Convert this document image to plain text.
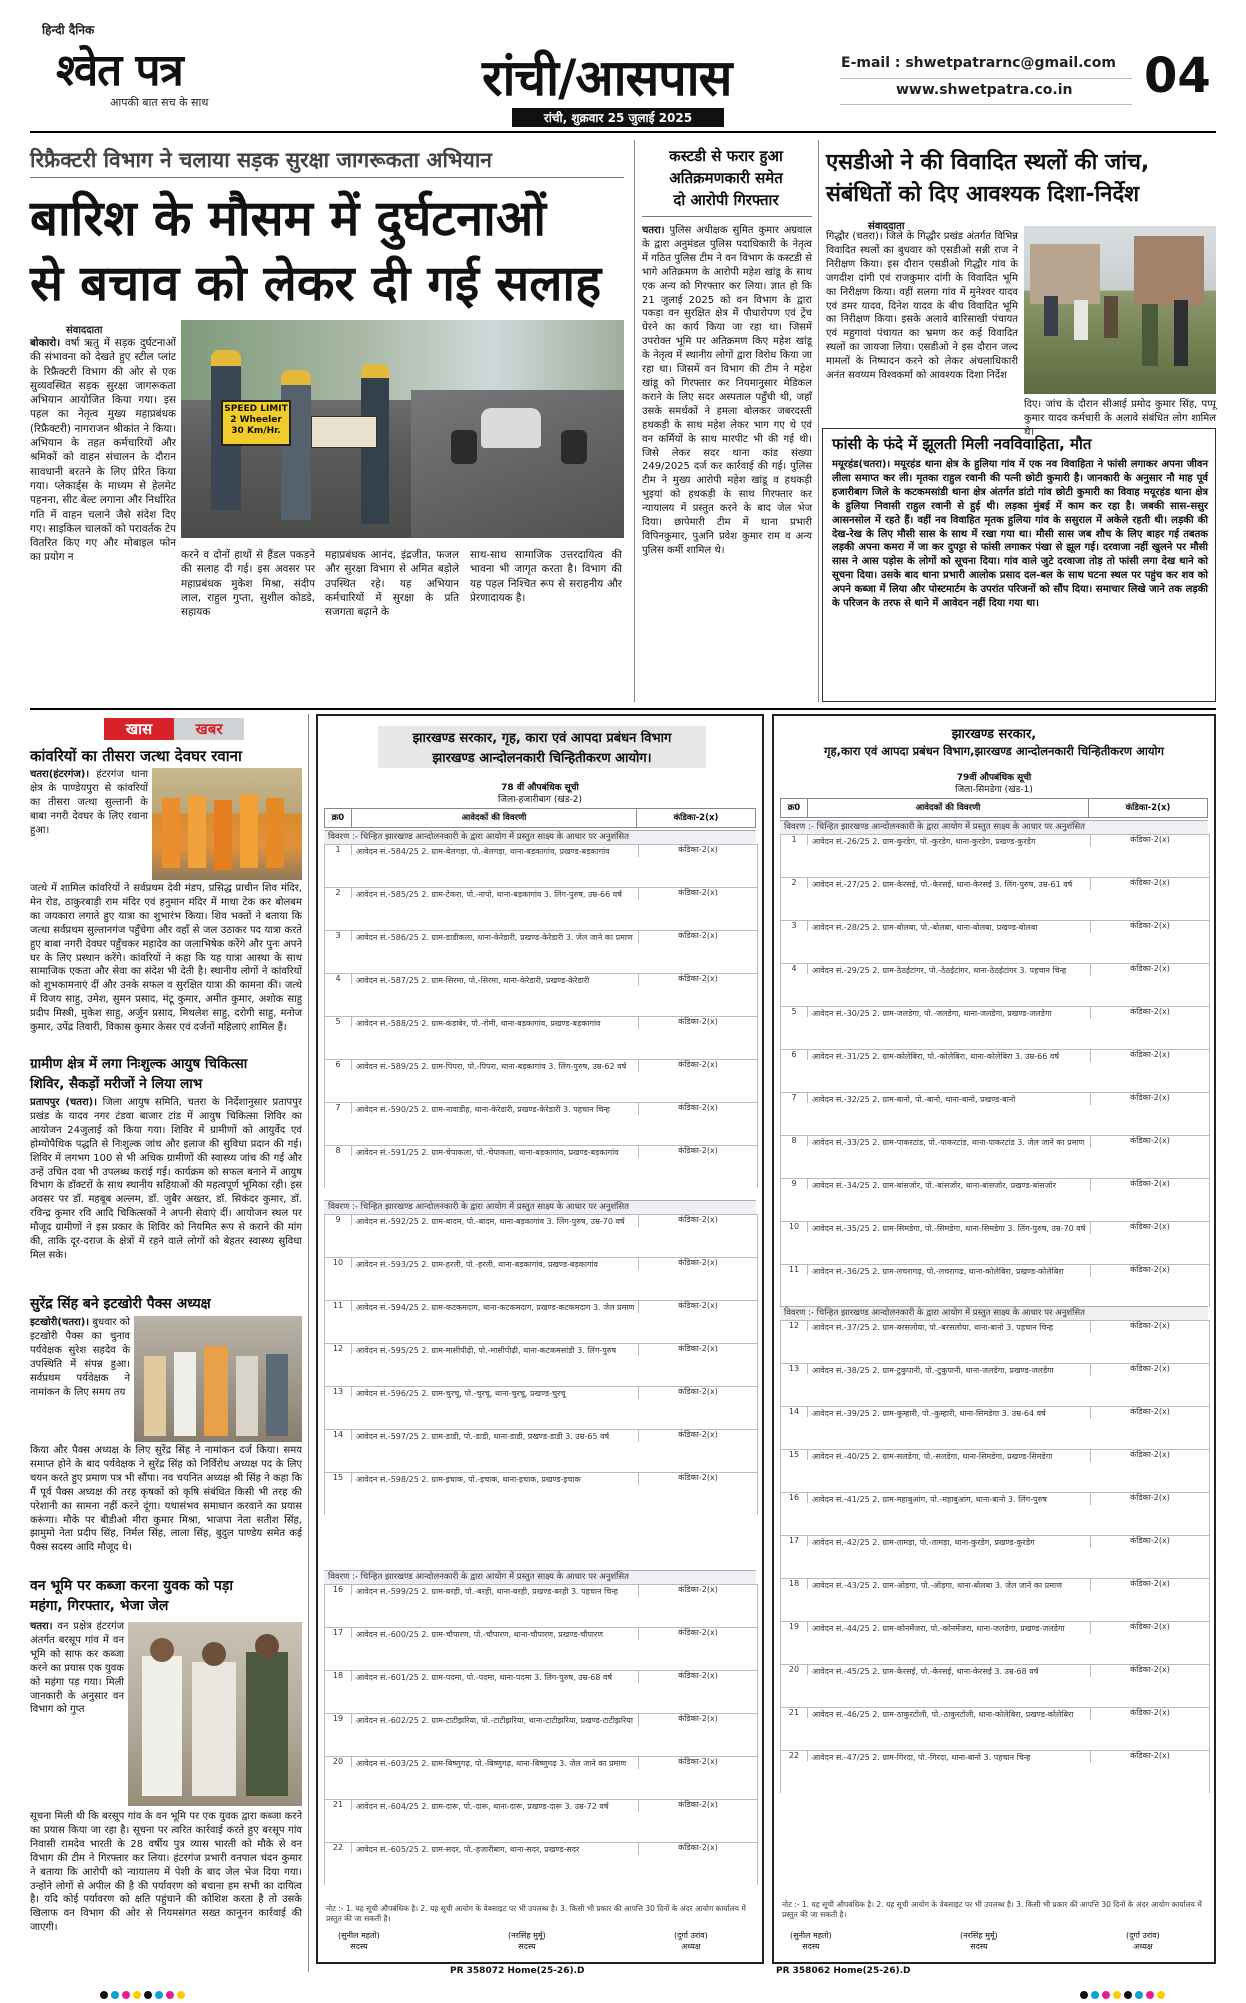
हिन्दी दैनिक
श्वेत पत्र
आपकी बात सच के साथ	रांची/आसपास
रांची, शुक्रवार 25 जुलाई 2025
E-mail : shwetpatrarnc@gmail.com
www.shwetpatra.co.in 04
रिफ्रैक्टरी विभाग ने चलाया सड़क सुरक्षा जागरूकता अभियान
बारिश के मौसम में दुर्घटनाओं
से बचाव को लेकर दी गई सलाह
SPEED LIMIT 2 Wheeler 30 Km/Hr.
संवाददाता
बोकारो। वर्षा ऋतु में सड़क दुर्घटनाओं की संभावना को देखते हुए स्टील प्लांट के रिफ्रैक्टरी विभाग की ओर से एक सुव्यवस्थित सड़क सुरक्षा जागरूकता अभियान आयोजित किया गया। इस पहल का नेतृत्व मुख्य महाप्रबंधक (रिफ्रैक्टरी) नागराजन श्रीकांत ने किया। अभियान के तहत कर्मचारियों और श्रमिकों को वाहन संचालन के दौरान सावधानी बरतने के लिए प्रेरित किया गया। प्लेकार्ड्स के माध्यम से हेलमेट पहनना, सीट बेल्ट लगाना और निर्धारित गति में वाहन चलाने जैसे संदेश दिए गए। साइकिल चालकों को परावर्तक टेप वितरित किए गए और मोबाइल फोन का प्रयोग न	करने व दोनों हाथों से हैंडल पकड़ने की सलाह दी गई। इस अवसर पर महाप्रबंधक मुकेश मिश्रा, संदीप लाल, राहुल गुप्ता, सुशील कोडडे, सहायक
महाप्रबंधक आनंद, इंद्रजीत, फजल और सुरक्षा विभाग से अमित बड़ोले उपस्थित रहे। यह अभियान कर्मचारियों में सुरक्षा के प्रति सजगता बढ़ाने के
साथ-साथ सामाजिक उत्तरदायित्व की भावना भी जागृत करता है। विभाग की यह पहल निश्चित रूप से सराहनीय और प्रेरणादायक है।
कस्टडी से फरार हुआ
अतिक्रमणकारी समेत
दो आरोपी गिरफ्तार
चतरा। पुलिस अधीक्षक सुमित कुमार अग्रवाल के द्वारा अनुमंडल पुलिस पदाधिकारी के नेतृत्व में गठित पुलिस टीम ने वन विभाग के कस्टडी से भागे अतिक्रमण के आरोपी महेश खांडू के साथ एक अन्य को गिरफ्तार कर लिया। ज्ञात हो कि 21 जुलाई 2025 को वन विभाग के द्वारा पकड़ा वन सुरक्षित क्षेत्र में पौधारोपण एवं ट्रेंच घेरने का कार्य किया जा रहा था। जिसमें उपरोक्त भूमि पर अतिक्रमण किए महेश खांडू के नेतृत्व में स्थानीय लोगों द्वारा विरोध किया जा रहा था। जिसमें वन विभाग की टीम ने महेश खांडू को गिरफ्तार कर नियमानुसार मेडिकल कराने के लिए सदर अस्पताल पहुँची थी, जहाँ उसके समर्थकों ने हमला बोलकर जबरदस्ती हथकड़ी के साथ महेश लेकर भाग गए थे एवं वन कर्मियों के साथ मारपीट भी की गई थी। जिसे लेकर सदर थाना कांड संख्या 249/2025 दर्ज कर कार्रवाई की गई। पुलिस टीम ने मुख्य आरोपी महेश खांडू व हथकड़ी भुइयां को हथकड़ी के साथ गिरफ्तार कर न्यायालय में प्रस्तुत करने के बाद जेल भेज दिया। छापेमारी टीम में थाना प्रभारी विपिनकुमार, पुअनि प्रवेश कुमार राम व अन्य पुलिस कर्मी शामिल थे।
एसडीओ ने की विवादित स्थलों की जांच,
संबंधितों को दिए आवश्यक दिशा-निर्देश
संवाददाता
गिद्धौर (चतरा)। जिले के गिद्धौर प्रखंड अंतर्गत विभिन्न विवादित स्थलों का बुधवार को एसडीओ सन्नी राज ने निरीक्षण किया। इस दौरान एसडीओ गिद्धौर गांव के जगदीश दांगी एवं राजकुमार दांगी के विवादित भूमि का निरीक्षण किया। वहीं सलगा गांव में मुनेश्वर यादव एवं डमर यादव, दिनेश यादव के बीच विवादित भूमि का निरीक्षण किया। इसके अलावे बारिसाखी पंचायत एवं महुगावां पंचायत का भ्रमण कर कई विवादित स्थलों का जायजा लिया। एसडीओ ने इस दौरान जल्द मामलों के निष्पादन करने को लेकर अंचलाधिकारी अनंत सवय्यम विश्वकर्मा को आवश्यक दिशा निर्देश
दिए। जांच के दौरान सीआई प्रमोद कुमार सिंह, पप्पू कुमार यादव कर्मचारी के अलावे संबंधित लोग शामिल थे।
फांसी के फंदे में झूलती मिली नवविवाहिता, मौत
मयूरहंड(चतरा)। मयूरहंड थाना क्षेत्र के हुलिया गांव में एक नव विवाहिता ने फांसी लगाकर अपना जीवन लीला समाप्त कर ली। मृतका राहुल रवानी की पत्नी छोटी कुमारी है। जानकारी के अनुसार नौ माह पूर्व हजारीबाग जिले के कटकमसांडी थाना क्षेत्र अंतर्गत डांटो गांव छोटी कुमारी का विवाह मयूरहंड थाना क्षेत्र के हुलिया निवासी राहुल रवानी से हुई थी। लड़का मुंबई में काम कर रहा है। जबकी सास-ससुर आसनसोल में रहते हैं। वहीं नव विवाहित मृतक हुलिया गांव के ससुराल में अकेले रहती थी। लड़की की देख-रेख के लिए मौसी सास के साथ में रखा गया था। मौसी सास जब शौच के लिए बाहर गई तबतक लड़की अपना कमरा में जा कर दुपट्टा से फांसी लगाकर पंखा से झूल गई। दरवाजा नहीं खुलने पर मौसी सास ने आस पड़ोस के लोगों को सूचना दिया। गांव वाले जुटे दरवाजा तोड़ तो फांसी लगा देख थाने को सूचना दिया। उसके बाद थाना प्रभारी आलोक प्रसाद दल-बल के साथ घटना स्थल पर पहुंच कर शव को अपने कब्जा में लिया और पोस्टमार्टम के उपरांत परिजनों को सौंप दिया। समाचार लिखे जाने तक लड़की के परिजन के तरफ से थाने में आवेदन नहीं दिया गया था।
खास	खबर
कांवरियों का तीसरा जत्था देवघर रवाना
चतरा(हंटरगंज)। हंटरगंज थाना क्षेत्र के पाण्डेयपुरा से कांवरियों का तीसरा जत्था सुल्तानी के बाबा नगरी देवघर के लिए रवाना हुआ।
जत्थे में शामिल कांवरियों ने सर्वप्रथम देवी मंडप, प्रसिद्ध प्राचीन शिव मंदिर, मेन रोड, ठाकुरबाड़ी राम मंदिर एवं हनुमान मंदिर में माथा टेक कर बोलबम का जयकारा लगाते हुए यात्रा का शुभारंभ किया। शिव भक्तों ने बताया कि जत्था सर्वप्रथम सुल्तानगंज पहुँचेगा और वहाँ से जल उठाकर पद यात्रा करते हुए बाबा नगरी देवघर पहुँचकर महादेव का जलाभिषेक करेंगे और पुनः अपने घर के लिए प्रस्थान करेंगे। कांवरियों ने कहा कि यह यात्रा आस्था के साथ सामाजिक एकता और सेवा का संदेश भी देती है। स्थानीय लोगों ने कांवरियों को शुभकामनाएं दीं और उनके सफल व सुरक्षित यात्रा की कामना की। जत्थे में विजय साहु, उमेश, सुमन प्रसाद, मंटू कुमार, अमीत कुमार, अशोक साहु प्रदीप मिस्त्री, मुकेश साहु, अर्जुन प्रसाद, मिथलेश साहु, दरोगी साहु, मनोज कुमार, उपेंद्र तिवारी, विकास कुमार केसर एवं दर्जनों महिलाएं शामिल हैं।
ग्रामीण क्षेत्र में लगा निःशुल्क आयुष चिकित्सा
शिविर, सैकड़ों मरीजों ने लिया लाभ
प्रतापपुर (चतरा)। जिला आयुष समिति, चतरा के निर्देशानुसार प्रतापपुर प्रखंड के यादव नगर टंडवा बाजार टांड में आयुष चिकित्सा शिविर का आयोजन 24जुलाई को किया गया। शिविर में ग्रामीणों को आयुर्वेद एवं होम्योपैथिक पद्धति से निःशुल्क जांच और इलाज की सुविधा प्रदान की गई। शिविर में लगभग 100 से भी अधिक ग्रामीणों की स्वास्थ्य जांच की गई और उन्हें उचित दवा भी उपलब्ध कराई गई। कार्यक्रम को सफल बनाने में आयुष विभाग के डॉक्टरों के साथ स्थानीय सहियाओं की महत्वपूर्ण भूमिका रही। इस अवसर पर डॉ. महबूब अल्लम, डॉ. जुबैर अख्तर, डॉ. सिकंदर कुमार, डॉ. रविन्द्र कुमार रवि आदि चिकित्सकों ने अपनी सेवाएं दीं। आयोजन स्थल पर मौजूद ग्रामीणों ने इस प्रकार के शिविर को नियमित रूप से कराने की मांग की, ताकि दूर-दराज के क्षेत्रों में रहने वाले लोगों को बेहतर स्वास्थ्य सुविधा मिल सके।
सुरेंद्र सिंह बने इटखोरी पैक्स अध्यक्ष
इटखोरी(चतरा)। बुधवार को इटखोरी पैक्स का चुनाव पर्यवेक्षक सुरेश सहदेव के उपस्थिति में संपन्न हुआ। सर्वप्रथम पर्यवेक्षक ने नामांकन के लिए समय तय
किया और पैक्स अध्यक्ष के लिए सुरेंद्र सिंह ने नामांकन दर्ज किया। समय समाप्त होने के बाद पर्यवेक्षक ने सुरेंद्र सिंह को निर्विरोध अध्यक्ष पद के लिए चयन करते हुए प्रमाण पत्र भी सौंपा। नव चयनित अध्यक्ष श्री सिंह ने कहा कि मैं पूर्व पैक्स अध्यक्ष की तरह कृषकों को कृषि संबंधित किसी भी तरह की परेशानी का सामना नहीं करने दूंगा। यथासंभव समाधान करवाने का प्रयास करूंगा। मौके पर बीडीओ मीरा कुमार मिश्रा, भाजपा नेता सतीश सिंह, झामुमो नेता प्रदीप सिंह, निर्मल सिंह, लाला सिंह, बुदुल पाण्डेय समेत कई पैक्स सदस्य आदि मौजूद थे।
वन भूमि पर कब्जा करना युवक को पड़ा
महंगा, गिरफ्तार, भेजा जेल
चतरा। वन प्रक्षेत्र हंटरगंज अंतर्गत बरसूप गांव में वन भूमि को साफ कर कब्जा करने का प्रयास एक युवक को महंगा पड़ गया। मिली जानकारी के अनुसार वन विभाग को गुप्त
सूचना मिली थी कि बरसूप गांव के वन भूमि पर एक युवक द्वारा कब्जा करने का प्रयास किया जा रहा है। सूचना पर त्वरित कार्रवाई करते हुए बरसूप गांव निवासी रामदेव भारती के 28 वर्षीय पुत्र व्यास भारती को मौके से वन विभाग की टीम ने गिरफ्तार कर लिया। हंटरगंज प्रभारी वनपाल चंदन कुमार ने बताया कि आरोपी को न्यायालय में पेशी के बाद जेल भेज दिया गया। उन्होंने लोगों से अपील की है की पर्यावरण को बचाना हम सभी का दायित्व है। यदि कोई पर्यावरण को क्षति पहुंचाने की कोशिश करता है तो उसके खिलाफ वन विभाग की ओर से नियमसंगत सख्त कानूनन कार्रवाई की जाएगी।
झारखण्ड सरकार, गृह, कारा एवं आपदा प्रबंधन विभाग
झारखण्ड आन्दोलनकारी चिन्हितीकरण आयोग।
78 वीं औपबंधिक सूची
जिला-हजारीबाग (खंड-2)
क्र0	आवेदकों की विवरणी	कंडिका-2(x)
विवरण :- चिन्हित झारखण्ड आन्दोलनकारी के द्वारा आयोग में प्रस्तुत साक्ष्य के आधार पर अनुशंसित
1	आवेदन सं.-584/25 2. ग्राम-बेलगड़ा, पो.-बेलगड़ा, थाना-बड़कागांव, प्रखण्ड-बड़कागांव	कंडिका-2(x)
2	आवेदन सं.-585/25 2. ग्राम-टेकरा, पो.-नापो, थाना-बड़कागांव 3. लिंग-पुरुष, उम्र-66 वर्ष	कंडिका-2(x)
3	आवेदन सं.-586/25 2. ग्राम-डाडीकला, थाना-केरेडारी, प्रखण्ड-केरेडारी 3. जेल जाने का प्रमाण	कंडिका-2(x)
4	आवेदन सं.-587/25 2. ग्राम-सिरमा, पो.-सिरमा, थाना-केरेडारी, प्रखण्ड-केरेडारी	कंडिका-2(x)
5	आवेदन सं.-588/25 2. ग्राम-कंडाबेर, पो.-रोमी, थाना-बड़कागांव, प्रखण्ड-बड़कागांव	कंडिका-2(x)
6	आवेदन सं.-589/25 2. ग्राम-पिपरा, पो.-पिपरा, थाना-बड़कागांव 3. लिंग-पुरुष, उम्र-62 वर्ष	कंडिका-2(x)
7	आवेदन सं.-590/25 2. ग्राम-नावाडीह, थाना-केरेडारी, प्रखण्ड-केरेडारी 3. पहचान चिन्ह	कंडिका-2(x)
8	आवेदन सं.-591/25 2. ग्राम-चेपाकला, पो.-चेपाकला, थाना-बड़कागांव, प्रखण्ड-बड़कागांव	कंडिका-2(x)
विवरण :- चिन्हित झारखण्ड आन्दोलनकारी के द्वारा आयोग में प्रस्तुत साक्ष्य के आधार पर अनुशंसित
9	आवेदन सं.-592/25 2. ग्राम-बादम, पो.-बादम, थाना-बड़कागांव 3. लिंग-पुरुष, उम्र-70 वर्ष	कंडिका-2(x)
10	आवेदन सं.-593/25 2. ग्राम-हरली, पो.-हरली, थाना-बड़कागांव, प्रखण्ड-बड़कागांव	कंडिका-2(x)
11	आवेदन सं.-594/25 2. ग्राम-कटकमदाग, थाना-कटकमदाग, प्रखण्ड-कटकमदाग 3. जेल प्रमाण	कंडिका-2(x)
12	आवेदन सं.-595/25 2. ग्राम-मासीपीढ़ी, पो.-मासीपीढ़ी, थाना-कटकमसांडी 3. लिंग-पुरुष	कंडिका-2(x)
13	आवेदन सं.-596/25 2. ग्राम-चुरचू, पो.-चुरचू, थाना-चुरचू, प्रखण्ड-चुरचू	कंडिका-2(x)
14	आवेदन सं.-597/25 2. ग्राम-डाडी, पो.-डाडी, थाना-डाडी, प्रखण्ड-डाडी 3. उम्र-65 वर्ष	कंडिका-2(x)
15	आवेदन सं.-598/25 2. ग्राम-इचाक, पो.-इचाक, थाना-इचाक, प्रखण्ड-इचाक	कंडिका-2(x)
विवरण :- चिन्हित झारखण्ड आन्दोलनकारी के द्वारा आयोग में प्रस्तुत साक्ष्य के आधार पर अनुशंसित
16	आवेदन सं.-599/25 2. ग्राम-बरही, पो.-बरही, थाना-बरही, प्रखण्ड-बरही 3. पहचान चिन्ह	कंडिका-2(x)
17	आवेदन सं.-600/25 2. ग्राम-चौपारण, पो.-चौपारण, थाना-चौपारण, प्रखण्ड-चौपारण	कंडिका-2(x)
18	आवेदन सं.-601/25 2. ग्राम-पदमा, पो.-पदमा, थाना-पदमा 3. लिंग-पुरुष, उम्र-68 वर्ष	कंडिका-2(x)
19	आवेदन सं.-602/25 2. ग्राम-टाटीझरिया, पो.-टाटीझरिया, थाना-टाटीझरिया, प्रखण्ड-टाटीझरिया	कंडिका-2(x)
20	आवेदन सं.-603/25 2. ग्राम-बिष्णुगढ़, पो.-बिष्णुगढ़, थाना-बिष्णुगढ़ 3. जेल जाने का प्रमाण	कंडिका-2(x)
21	आवेदन सं.-604/25 2. ग्राम-दारू, पो.-दारू, थाना-दारू, प्रखण्ड-दारू 3. उम्र-72 वर्ष	कंडिका-2(x)
22	आवेदन सं.-605/25 2. ग्राम-सदर, पो.-हजारीबाग, थाना-सदर, प्रखण्ड-सदर	कंडिका-2(x)
नोट :- 1. यह सूची औपबंधिक है। 2. यह सूची आयोग के वेबसाइट पर भी उपलब्ध है। 3. किसी भी प्रकार की आपत्ति 30 दिनों के अंदर आयोग कार्यालय में प्रस्तुत की जा सकती है।
(सुनील महतो)
सदस्य
(नरसिंह मुर्मू)
सदस्य
(दुर्गा उरांव)
अध्यक्ष
PR 358072 Home(25-26).D
झारखण्ड सरकार,
गृह,कारा एवं आपदा प्रबंधन विभाग,झारखण्ड आन्दोलनकारी चिन्हितीकरण आयोग
79वीं औपबंधिक सूची
जिला-सिमडेगा (खंड-1)
क्र0	आवेदकों की विवरणी	कंडिका-2(x)
विवरण :- चिन्हित झारखण्ड आन्दोलनकारी के द्वारा आयोग में प्रस्तुत साक्ष्य के आधार पर अनुशंसित
1	आवेदन सं.-26/25 2. ग्राम-कुरडेग, पो.-कुरडेग, थाना-कुरडेग, प्रखण्ड-कुरडेग	कंडिका-2(x)
2	आवेदन सं.-27/25 2. ग्राम-केरसई, पो.-केरसई, थाना-केरसई 3. लिंग-पुरुष, उम्र-61 वर्ष	कंडिका-2(x)
3	आवेदन सं.-28/25 2. ग्राम-बोलबा, पो.-बोलबा, थाना-बोलबा, प्रखण्ड-बोलबा	कंडिका-2(x)
4	आवेदन सं.-29/25 2. ग्राम-ठेठईटांगर, पो.-ठेठईटांगर, थाना-ठेठईटांगर 3. पहचान चिन्ह	कंडिका-2(x)
5	आवेदन सं.-30/25 2. ग्राम-जलडेगा, पो.-जलडेगा, थाना-जलडेगा, प्रखण्ड-जलडेगा	कंडिका-2(x)
6	आवेदन सं.-31/25 2. ग्राम-कोलेबिरा, पो.-कोलेबिरा, थाना-कोलेबिरा 3. उम्र-66 वर्ष	कंडिका-2(x)
7	आवेदन सं.-32/25 2. ग्राम-बानो, पो.-बानो, थाना-बानो, प्रखण्ड-बानो	कंडिका-2(x)
8	आवेदन सं.-33/25 2. ग्राम-पाकरटांड, पो.-पाकरटांड, थाना-पाकरटांड 3. जेल जाने का प्रमाण	कंडिका-2(x)
9	आवेदन सं.-34/25 2. ग्राम-बांसजोर, पो.-बांसजोर, थाना-बांसजोर, प्रखण्ड-बांसजोर	कंडिका-2(x)
10	आवेदन सं.-35/25 2. ग्राम-सिमडेगा, पो.-सिमडेगा, थाना-सिमडेगा 3. लिंग-पुरुष, उम्र-70 वर्ष	कंडिका-2(x)
11	आवेदन सं.-36/25 2. ग्राम-लचरागढ़, पो.-लचरागढ़, थाना-कोलेबिरा, प्रखण्ड-कोलेबिरा	कंडिका-2(x)
विवरण :- चिन्हित झारखण्ड आन्दोलनकारी के द्वारा आयोग में प्रस्तुत साक्ष्य के आधार पर अनुशंसित
12	आवेदन सं.-37/25 2. ग्राम-बरसलोया, पो.-बरसलोया, थाना-बानो 3. पहचान चिन्ह	कंडिका-2(x)
13	आवेदन सं.-38/25 2. ग्राम-टुकुपानी, पो.-टुकुपानी, थाना-जलडेगा, प्रखण्ड-जलडेगा	कंडिका-2(x)
14	आवेदन सं.-39/25 2. ग्राम-कुम्हारी, पो.-कुम्हारी, थाना-सिमडेगा 3. उम्र-64 वर्ष	कंडिका-2(x)
15	आवेदन सं.-40/25 2. ग्राम-सलडेगा, पो.-सलडेगा, थाना-सिमडेगा, प्रखण्ड-सिमडेगा	कंडिका-2(x)
16	आवेदन सं.-41/25 2. ग्राम-महाबुआंग, पो.-महाबुआंग, थाना-बानो 3. लिंग-पुरुष	कंडिका-2(x)
17	आवेदन सं.-42/25 2. ग्राम-तामड़ा, पो.-तामड़ा, थाना-कुरडेग, प्रखण्ड-कुरडेग	कंडिका-2(x)
18	आवेदन सं.-43/25 2. ग्राम-ओड़गा, पो.-ओड़गा, थाना-बोलबा 3. जेल जाने का प्रमाण	कंडिका-2(x)
19	आवेदन सं.-44/25 2. ग्राम-कोनमेंजरा, पो.-कोनमेंजरा, थाना-जलडेगा, प्रखण्ड-जलडेगा	कंडिका-2(x)
20	आवेदन सं.-45/25 2. ग्राम-केरसई, पो.-केरसई, थाना-केरसई 3. उम्र-68 वर्ष	कंडिका-2(x)
21	आवेदन सं.-46/25 2. ग्राम-ठाकुरटोली, पो.-ठाकुरटोली, थाना-कोलेबिरा, प्रखण्ड-कोलेबिरा	कंडिका-2(x)
22	आवेदन सं.-47/25 2. ग्राम-गिरदा, पो.-गिरदा, थाना-बानो 3. पहचान चिन्ह	कंडिका-2(x)
नोट :- 1. यह सूची औपबंधिक है। 2. यह सूची आयोग के वेबसाइट पर भी उपलब्ध है। 3. किसी भी प्रकार की आपत्ति 30 दिनों के अंदर आयोग कार्यालय में प्रस्तुत की जा सकती है।
(सुनील महतो)
सदस्य
(नरसिंह मुर्मू)
सदस्य
(दुर्गा उरांव)
अध्यक्ष
PR 358062 Home(25-26).D
